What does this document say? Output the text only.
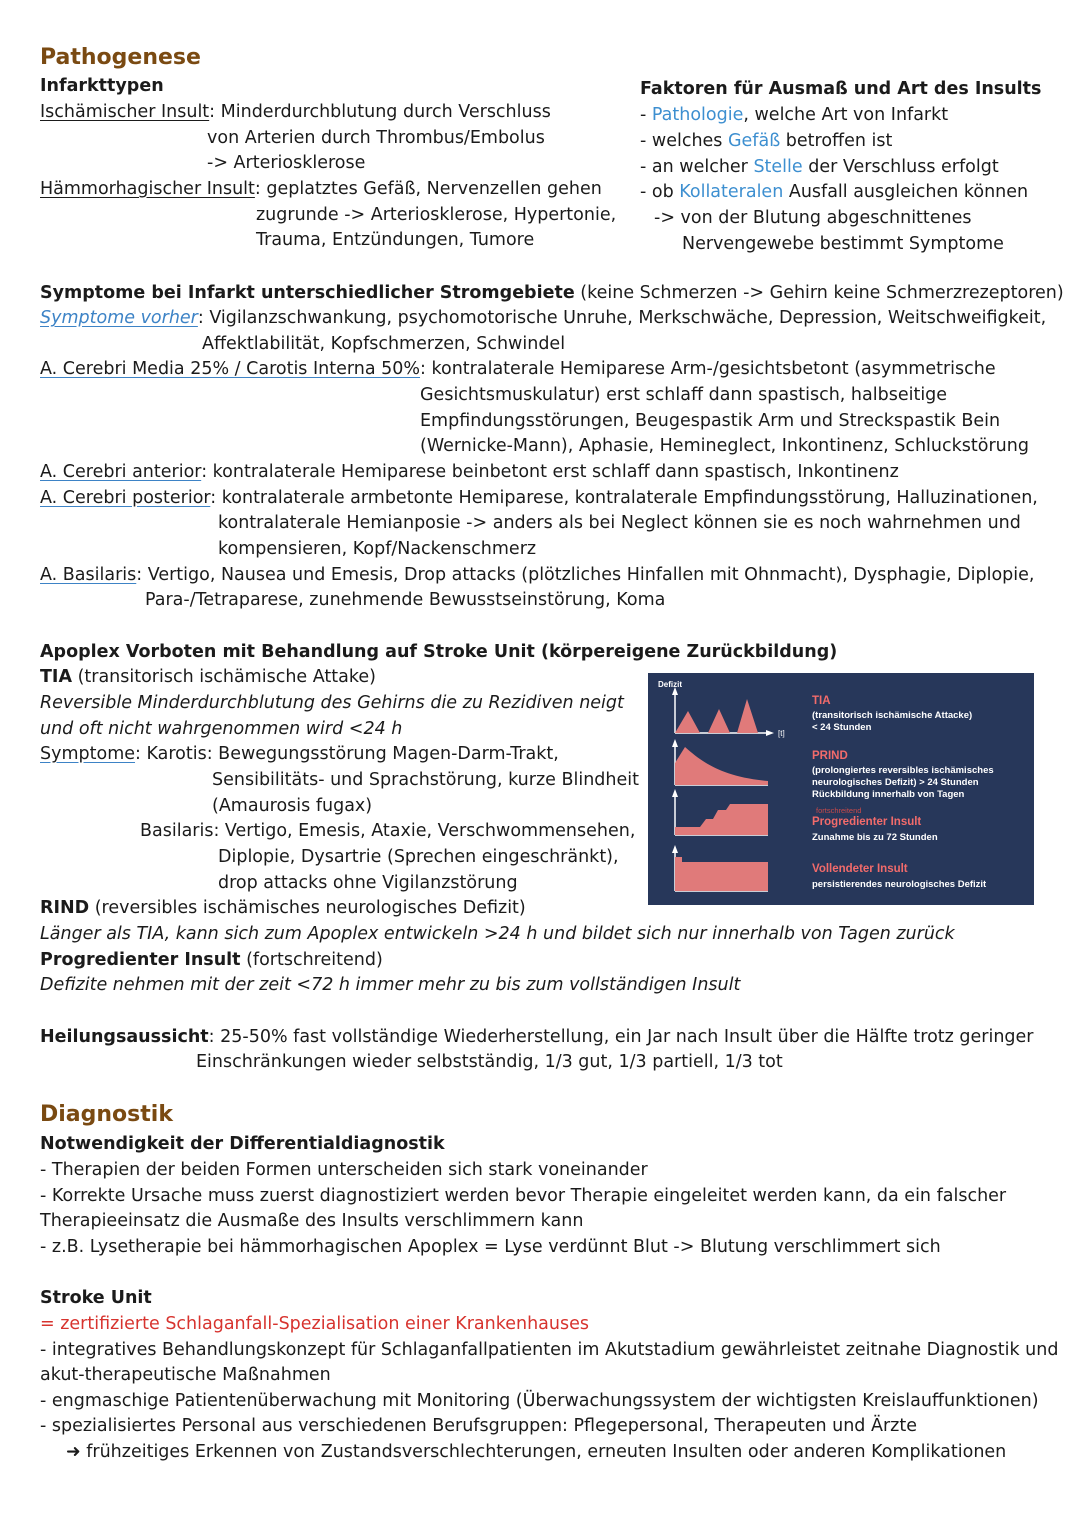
Pathogenese
Infarkttypen
Ischämischer Insult: Minderdurchblutung durch Verschluss
von Arterien durch Thrombus/Embolus
-> Arteriosklerose
Hämmorhagischer Insult: geplatztes Gefäß, Nervenzellen gehen
zugrunde -> Arteriosklerose, Hypertonie,
Trauma, Entzündungen, Tumore
Faktoren für Ausmaß und Art des Insults
- Pathologie, welche Art von Infarkt
- welches Gefäß betroffen ist
- an welcher Stelle der Verschluss erfolgt
- ob Kollateralen Ausfall ausgleichen können
-> von der Blutung abgeschnittenes
Nervengewebe bestimmt Symptome
Symptome bei Infarkt unterschiedlicher Stromgebiete (keine Schmerzen -> Gehirn keine Schmerzrezeptoren)
Symptome vorher: Vigilanzschwankung, psychomotorische Unruhe, Merkschwäche, Depression, Weitschweifigkeit,
Affektlabilität, Kopfschmerzen, Schwindel
A. Cerebri Media 25% / Carotis Interna 50%: kontralaterale Hemiparese Arm-/gesichtsbetont (asymmetrische
Gesichtsmuskulatur) erst schlaff dann spastisch, halbseitige
Empfindungsstörungen, Beugespastik Arm und Streckspastik Bein
(Wernicke-Mann), Aphasie, Hemineglect, Inkontinenz, Schluckstörung
A. Cerebri anterior: kontralaterale Hemiparese beinbetont erst schlaff dann spastisch, Inkontinenz
A. Cerebri posterior: kontralaterale armbetonte Hemiparese, kontralaterale Empfindungsstörung, Halluzinationen,
kontralaterale Hemianposie -> anders als bei Neglect können sie es noch wahrnehmen und
kompensieren, Kopf/Nackenschmerz
A. Basilaris: Vertigo, Nausea und Emesis, Drop attacks (plötzliches Hinfallen mit Ohnmacht), Dysphagie, Diplopie,
Para-/Tetraparese, zunehmende Bewusstseinstörung, Koma
Apoplex Vorboten mit Behandlung auf Stroke Unit (körpereigene Zurückbildung)
TIA (transitorisch ischämische Attake)
Reversible Minderdurchblutung des Gehirns die zu Rezidiven neigt
und oft nicht wahrgenommen wird <24 h
Symptome: Karotis: Bewegungsstörung Magen-Darm-Trakt,
Sensibilitäts- und Sprachstörung, kurze Blindheit
(Amaurosis fugax)
Basilaris: Vertigo, Emesis, Ataxie, Verschwommensehen,
Diplopie, Dysartrie (Sprechen eingeschränkt),
drop attacks ohne Vigilanzstörung
RIND (reversibles ischämisches neurologisches Defizit)
Länger als TIA, kann sich zum Apoplex entwickeln >24 h und bildet sich nur innerhalb von Tagen zurück
Progredienter Insult (fortschreitend)
Defizite nehmen mit der zeit <72 h immer mehr zu bis zum vollständigen Insult
Defizit
[t]
TIA
(transitorisch ischämische Attacke)
< 24 Stunden
PRIND
(prolongiertes reversibles ischämisches
neurologisches Defizit) > 24 Stunden
Rückbildung innerhalb von Tagen
fortschreitend
Progredienter Insult
Zunahme bis zu 72 Stunden
Vollendeter Insult
persistierendes neurologisches Defizit
Heilungsaussicht: 25-50% fast vollständige Wiederherstellung, ein Jar nach Insult über die Hälfte trotz geringer
Einschränkungen wieder selbstständig, 1/3 gut, 1/3 partiell, 1/3 tot
Diagnostik
Notwendigkeit der Differentialdiagnostik
- Therapien der beiden Formen unterscheiden sich stark voneinander
- Korrekte Ursache muss zuerst diagnostiziert werden bevor Therapie eingeleitet werden kann, da ein falscher
Therapieeinsatz die Ausmaße des Insults verschlimmern kann
- z.B. Lysetherapie bei hämmorhagischen Apoplex = Lyse verdünnt Blut -> Blutung verschlimmert sich
Stroke Unit
= zertifizierte Schlaganfall-Spezialisation einer Krankenhauses
- integratives Behandlungskonzept für Schlaganfallpatienten im Akutstadium gewährleistet zeitnahe Diagnostik und
akut-therapeutische Maßnahmen
- engmaschige Patientenüberwachung mit Monitoring (Überwachungssystem der wichtigsten Kreislauffunktionen)
- spezialisiertes Personal aus verschiedenen Berufsgruppen: Pflegepersonal, Therapeuten und Ärzte
➜ frühzeitiges Erkennen von Zustandsverschlechterungen, erneuten Insulten oder anderen Komplikationen
